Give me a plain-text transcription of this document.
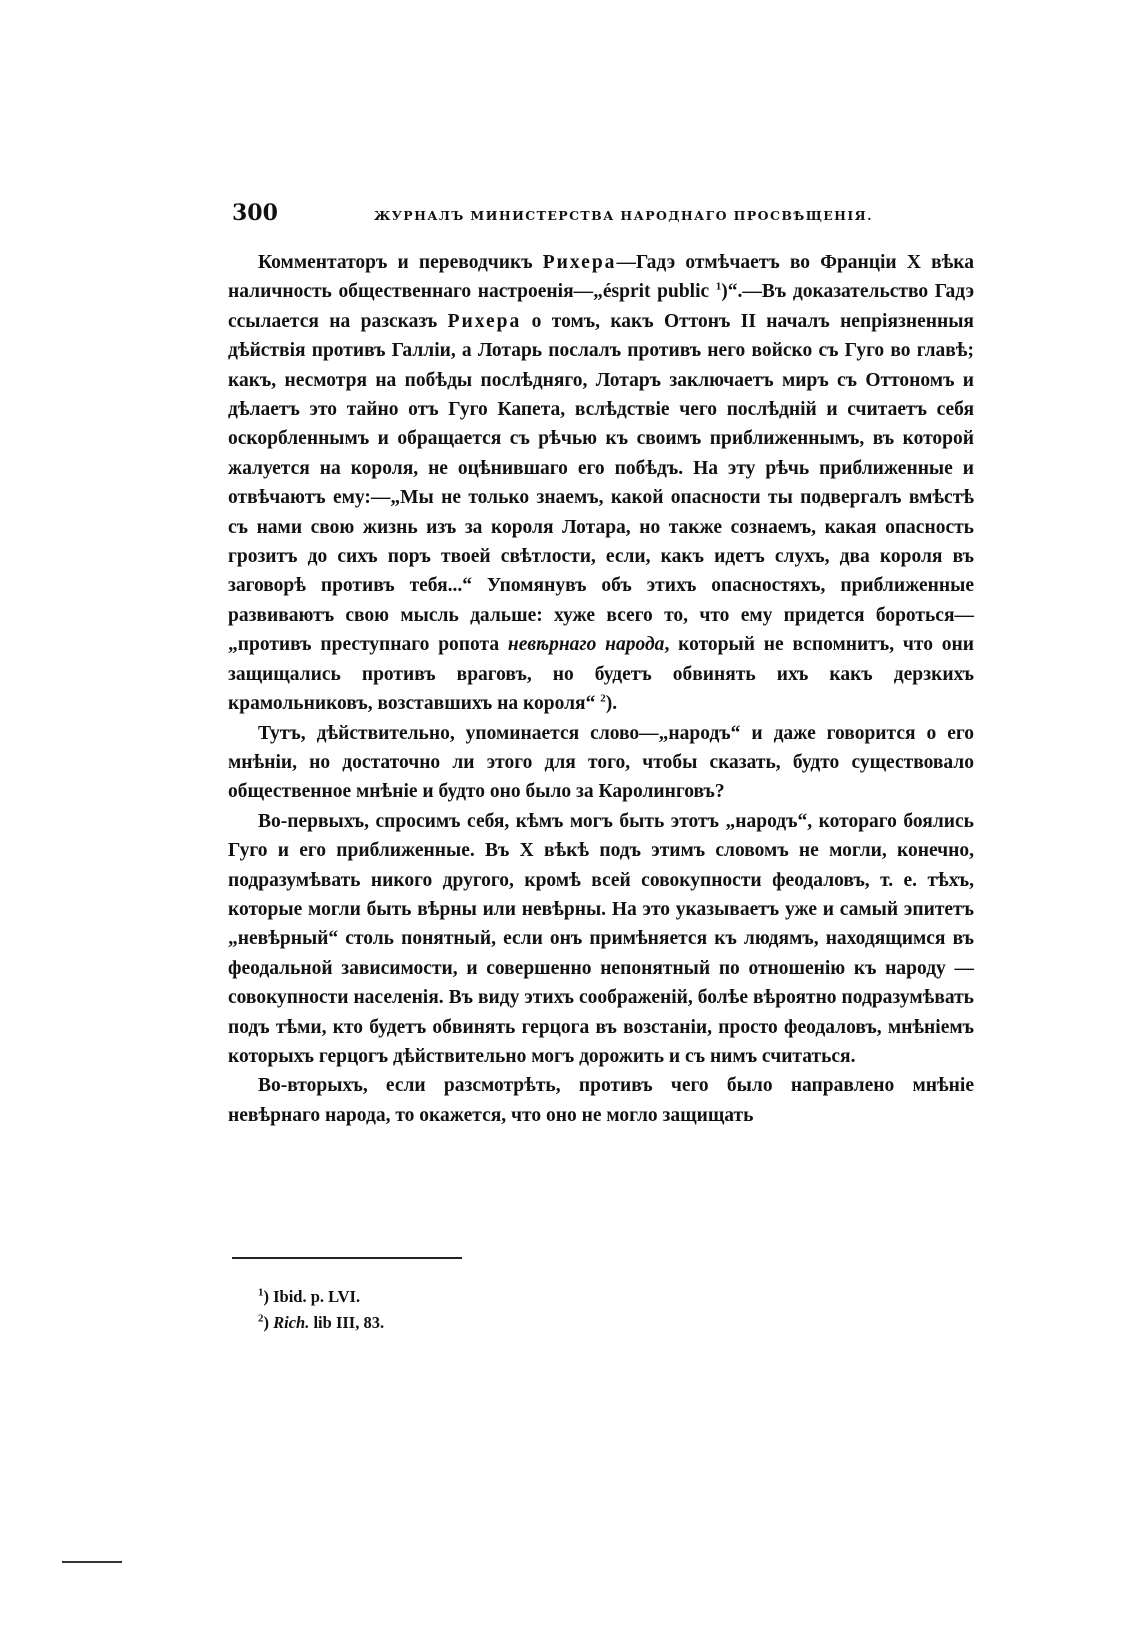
300	ЖУРНАЛЪ МИНИСТЕРСТВА НАРОДНАГО ПРОСВѢЩЕНІЯ.

Комментаторъ и переводчикъ Рихера—Гадэ отмѣчаетъ во Франціи X вѣка наличность общественнаго настроенія—„ésprit public $^1$)“.—Въ доказательство Гадэ ссылается на разсказъ Рихера о томъ, какъ Оттонъ II началъ непріязненныя дѣйствія противъ Галліи, а Лотарь послалъ противъ него войско съ Гуго во главѣ; какъ, несмотря на побѣды послѣдняго, Лотаръ заключаетъ миръ съ Оттономъ и дѣлаетъ это тайно отъ Гуго Капета, вслѣдствіе чего послѣдній и считаетъ себя оскорбленнымъ и обращается съ рѣчью къ своимъ приближеннымъ, въ которой жалуется на короля, не оцѣнившаго его побѣдъ. На эту рѣчь приближенные и отвѣчаютъ ему:—„Мы не только знаемъ, какой опасности ты подвергалъ вмѣстѣ съ нами свою жизнь изъ за короля Лотара, но также сознаемъ, какая опасность грозитъ до сихъ поръ твоей свѣтлости, если, какъ идетъ слухъ, два короля въ заговорѣ противъ тебя...“ Упомянувъ объ этихъ опасностяхъ, приближенные развиваютъ свою мысль дальше: хуже всего то, что ему придется бороться—„противъ преступнаго ропота невѣрнаго народа, который не вспомнитъ, что они защищались противъ враговъ, но будетъ обвинять ихъ какъ дерзкихъ крамольниковъ, возставшихъ на короля“ $^2$).

Тутъ, дѣйствительно, упоминается слово—„народъ“ и даже говорится о его мнѣніи, но достаточно ли этого для того, чтобы сказать, будто существовало общественное мнѣніе и будто оно было за Каролинговъ?

Во-первыхъ, спросимъ себя, кѣмъ могъ быть этотъ „народъ“, котораго боялись Гуго и его приближенные. Въ X вѣкѣ подъ этимъ словомъ не могли, конечно, подразумѣвать никого другого, кромѣ всей совокупности феодаловъ, т. е. тѣхъ, которые могли быть вѣрны или невѣрны. На это указываетъ уже и самый эпитетъ „невѣрный“ столь понятный, если онъ примѣняется къ людямъ, находящимся въ феодальной зависимости, и совершенно непонятный по отношенію къ народу — совокупности населенія. Въ виду этихъ соображеній, болѣе вѣроятно подразумѣвать подъ тѣми, кто будетъ обвинять герцога въ возстаніи, просто феодаловъ, мнѣніемъ которыхъ герцогъ дѣйствительно могъ дорожить и съ нимъ считаться.

Во-вторыхъ, если разсмотрѣть, противъ чего было направлено мнѣніе невѣрнаго народа, то окажется, что оно не могло защищать

$^1$) Ibid. p. LVI.
$^2$) Rich. lib III, 83.
